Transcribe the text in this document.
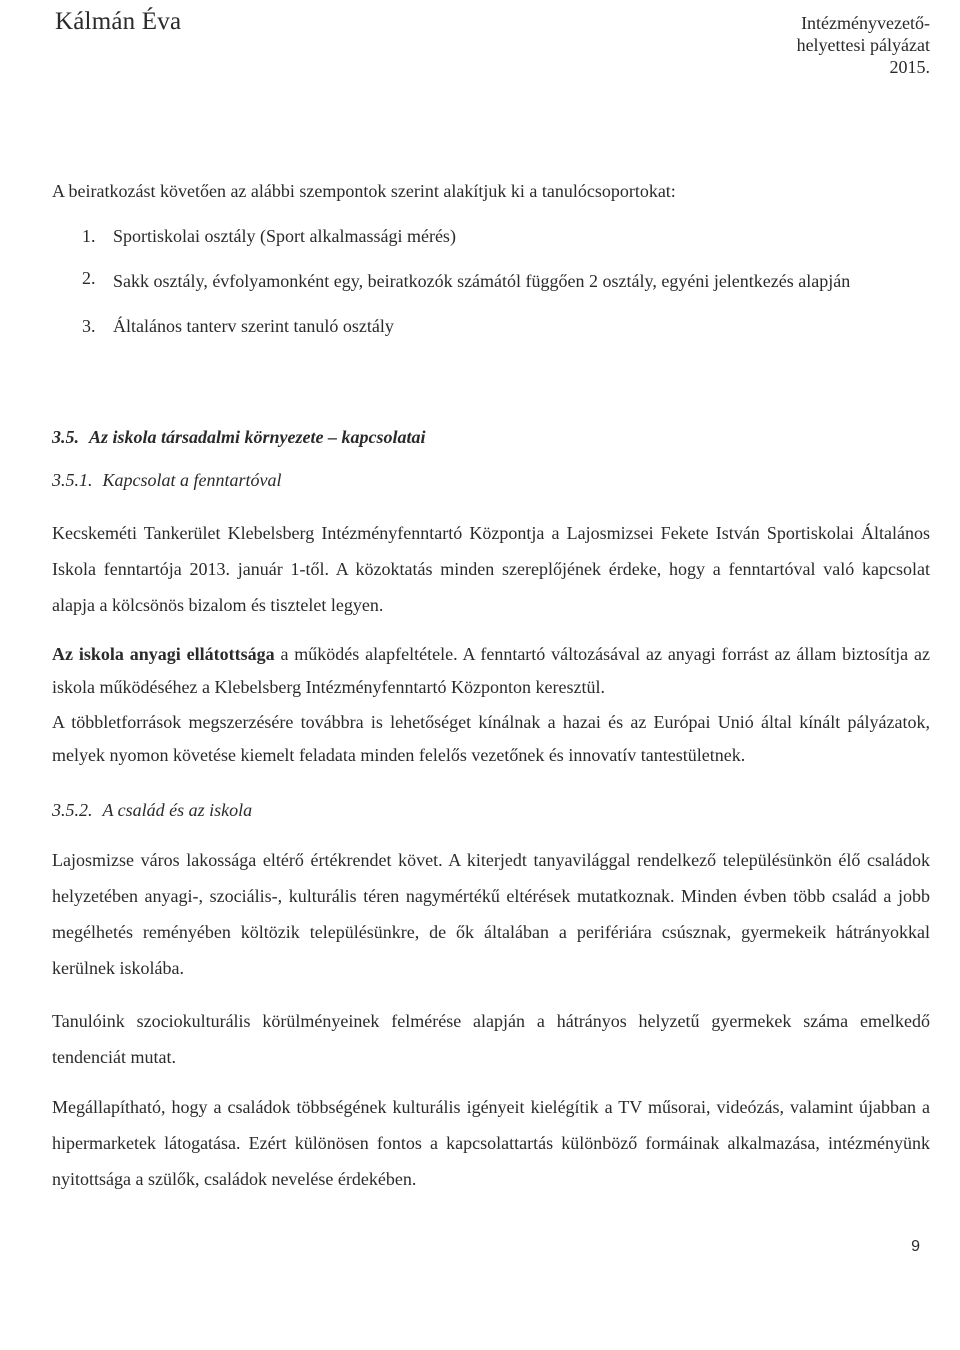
Kálmán Éva	Intézményvezető-
helyettesi pályázat
2015.
A beiratkozást követően az alábbi szempontok szerint alakítjuk ki a tanulócsoportokat:
1. Sportiskolai osztály (Sport alkalmassági mérés)
2. Sakk osztály, évfolyamonként egy, beiratkozók számától függően 2 osztály, egyéni jelentkezés alapján
3. Általános tanterv szerint tanuló osztály
3.5. Az iskola társadalmi környezete – kapcsolatai
3.5.1. Kapcsolat a fenntartóval

Kecskeméti Tankerület Klebelsberg Intézményfenntartó Központja a Lajosmizsei Fekete István Sportiskolai Általános Iskola fenntartója 2013. január 1-től. A közoktatás minden szereplőjének érdeke, hogy a fenntartóval való kapcsolat alapja a kölcsönös bizalom és tisztelet legyen.

Az iskola anyagi ellátottsága a működés alapfeltétele. A fenntartó változásával az anyagi forrást az állam biztosítja az iskola működéséhez a Klebelsberg Intézményfenntartó Központon keresztül.

A többletforrások megszerzésére továbbra is lehetőséget kínálnak a hazai és az Európai Unió által kínált pályázatok, melyek nyomon követése kiemelt feladata minden felelős vezetőnek és innovatív tantestületnek.

3.5.2. A család és az iskola

Lajosmizse város lakossága eltérő értékrendet követ. A kiterjedt tanyavilággal rendelkező településünkön élő családok helyzetében anyagi-, szociális-, kulturális téren nagymértékű eltérések mutatkoznak. Minden évben több család a jobb megélhetés reményében költözik településünkre, de ők általában a perifériára csúsznak, gyermekeik hátrányokkal kerülnek iskolába.

Tanulóink szociokulturális körülményeinek felmérése alapján a hátrányos helyzetű gyermekek száma emelkedő tendenciát mutat.

Megállapítható, hogy a családok többségének kulturális igényeit kielégítik a TV műsorai, videózás, valamint újabban a hipermarketek látogatása. Ezért különösen fontos a kapcsolattartás különböző formáinak alkalmazása, intézményünk nyitottsága a szülők, családok nevelése érdekében.

9
